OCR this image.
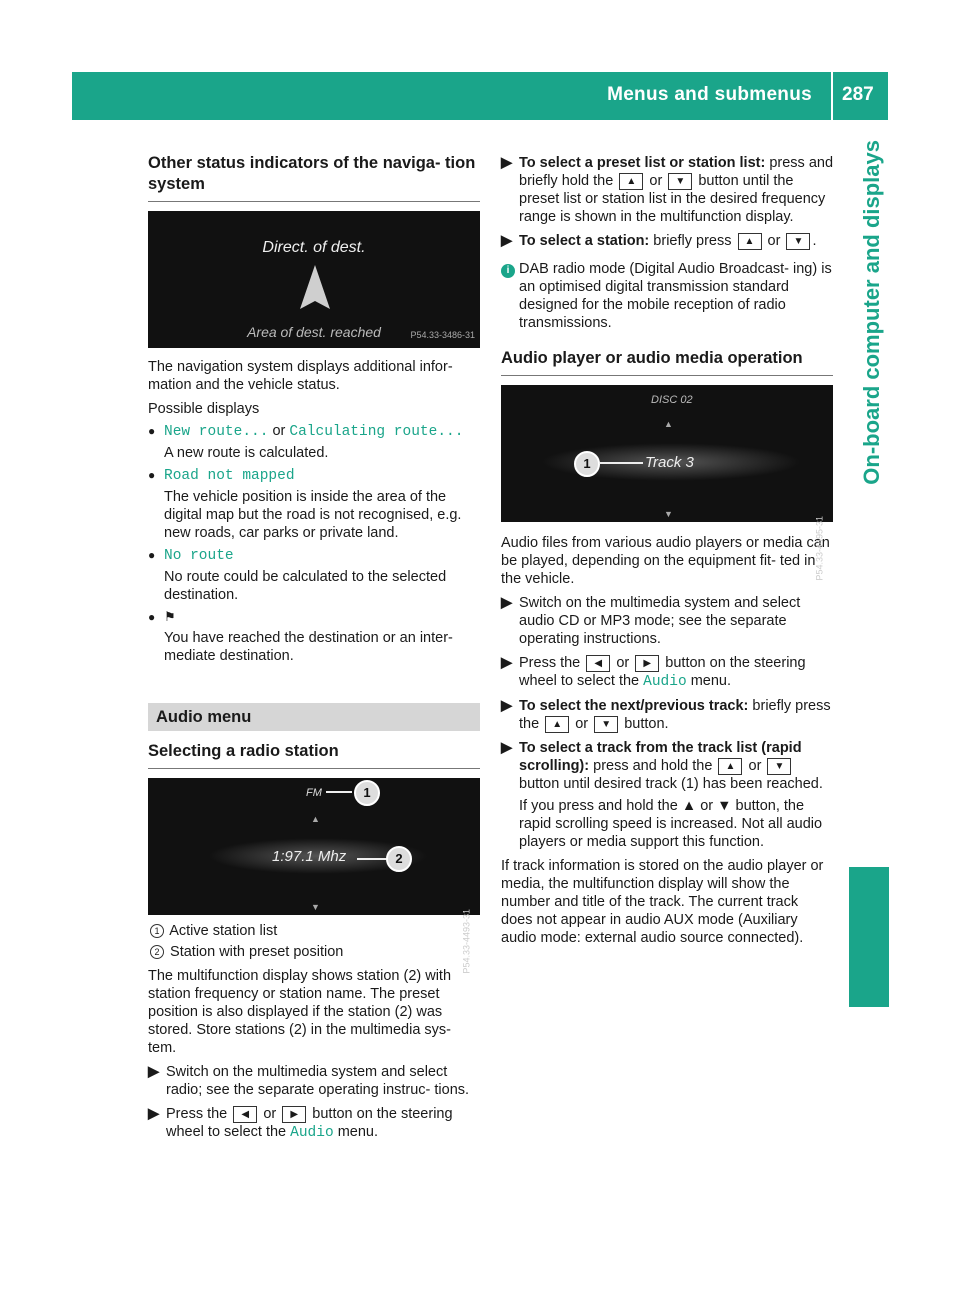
Menus and submenus 287
On-board computer and displays
Other status indicators of the naviga- tion system
Direct. of dest.
Area of dest. reached	P54.33-3486-31

The navigation system displays additional infor- mation and the vehicle status.

Possible displays

● New route... or Calculating route...

A new route is calculated.

● Road not mapped

The vehicle position is inside the area of the digital map but the road is not recognised, e.g. new roads, car parks or private land.

● No route

No route could be calculated to the selected destination.

● ⚑

You have reached the destination or an inter- mediate destination.

Audio menu
Selecting a radio station
FM	1
▲
1:97.1 Mhz	2
▼
P54.33-4493-31
1 Active station list
2 Station with preset position

The multifunction display shows station (2) with station frequency or station name. The preset position is also displayed if the station (2) was stored. Store stations (2) in the multimedia sys- tem.

▶ Switch on the multimedia system and select radio; see the separate operating instruc- tions.

▶ Press the ◀ or ▶ button on the steering wheel to select the Audio menu.

▶ To select a preset list or station list: press and briefly hold the ▲ or ▼ button until the preset list or station list in the desired frequency range is shown in the multifunction display.

▶ To select a station: briefly press ▲ or ▼ .

i DAB radio mode (Digital Audio Broadcast- ing) is an optimised digital transmission standard designed for the mobile reception of radio transmissions.

Audio player or audio media operation
DISC 02
▲
1	Track 3
▼
P54.33-4495-31

Audio files from various audio players or media can be played, depending on the equipment fit- ted in the vehicle.

▶ Switch on the multimedia system and select audio CD or MP3 mode; see the separate operating instructions.

▶ Press the ◀ or ▶ button on the steering wheel to select the Audio menu.

▶ To select the next/previous track: briefly press the ▲ or ▼ button.

▶ To select a track from the track list (rapid scrolling): press and hold the ▲ or ▼ button until desired track (1) has been reached.

If you press and hold the ▲ or ▼ button, the rapid scrolling speed is increased. Not all audio players or media support this function.

If track information is stored on the audio player or media, the multifunction display will show the number and title of the track. The current track does not appear in audio AUX mode (Auxiliary audio mode: external audio source connected).
